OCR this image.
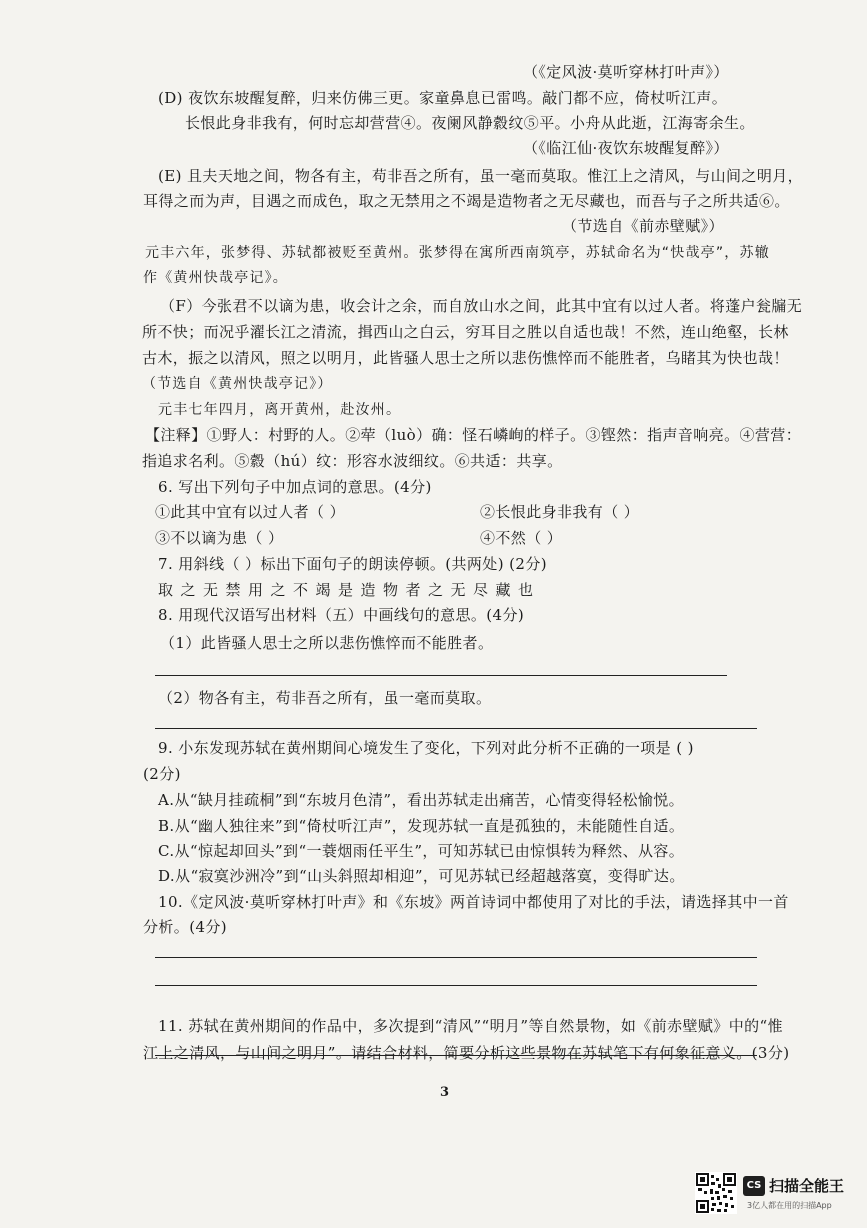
（《定风波·莫听穿林打叶声》）
(D) 夜饮东坡醒复醉，归来仿佛三更。家童鼻息已雷鸣。敲门都不应，倚杖听江声。
长恨此身非我有，何时忘却营营④。夜阑风静縠纹⑤平。小舟从此逝，江海寄余生。
（《临江仙·夜饮东坡醒复醉》）
(E) 且夫天地之间，物各有主，苟非吾之所有，虽一毫而莫取。惟江上之清风，与山间之明月，
耳得之而为声，目遇之而成色，取之无禁用之不竭是造物者之无尽藏也，而吾与子之所共适⑥。
（节选自《前赤壁赋》）
元丰六年，张梦得、苏轼都被贬至黄州。张梦得在寓所西南筑亭，苏轼命名为“快哉亭”，苏辙
作《黄州快哉亭记》。
（F）今张君不以谪为患，收会计之余，而自放山水之间，此其中宜有以过人者。将蓬户瓮牖无
所不快；而况乎濯长江之清流，揖西山之白云，穷耳目之胜以自适也哉！不然，连山绝壑，长林
古木，振之以清风，照之以明月，此皆骚人思士之所以悲伤憔悴而不能胜者，乌睹其为快也哉！
（节选自《黄州快哉亭记》）
元丰七年四月，离开黄州，赴汝州。
【注释】①野人：村野的人。②荦（luò）确：怪石嶙峋的样子。③铿然：指声音响亮。④营营：
指追求名利。⑤縠（hú）纹：形容水波细纹。⑥共适：共享。
6. 写出下列句子中加点词的意思。(4分)
①此其中宜有以过人者（ ）	②长恨此身非我有（ ）
③不以谪为患（ ）	④不然（ ）
7. 用斜线（ ）标出下面句子的朗读停顿。(共两处) (2分)
取之无禁用之不竭是造物者之无尽藏也
8. 用现代汉语写出材料（五）中画线句的意思。(4分)
（1）此皆骚人思士之所以悲伤憔悴而不能胜者。
（2）物各有主，苟非吾之所有，虽一毫而莫取。
9. 小东发现苏轼在黄州期间心境发生了变化，下列对此分析不正确的一项是 ( )
(2分)
A.从“缺月挂疏桐”到“东坡月色清”，看出苏轼走出痛苦，心情变得轻松愉悦。
B.从“幽人独往来”到“倚杖听江声”，发现苏轼一直是孤独的，未能随性自适。
C.从“惊起却回头”到“一蓑烟雨任平生”，可知苏轼已由惊惧转为释然、从容。
D.从“寂寞沙洲冷”到“山头斜照却相迎”，可见苏轼已经超越落寞，变得旷达。
10.《定风波·莫听穿林打叶声》和《东坡》两首诗词中都使用了对比的手法，请选择其中一首
分析。(4分)
11. 苏轼在黄州期间的作品中，多次提到“清风”“明月”等自然景物，如《前赤壁赋》中的“惟
江上之清风，与山间之明月”。请结合材料，简要分析这些景物在苏轼笔下有何象征意义。(3分)
3
CS 扫描全能王
3亿人都在用的扫描App
